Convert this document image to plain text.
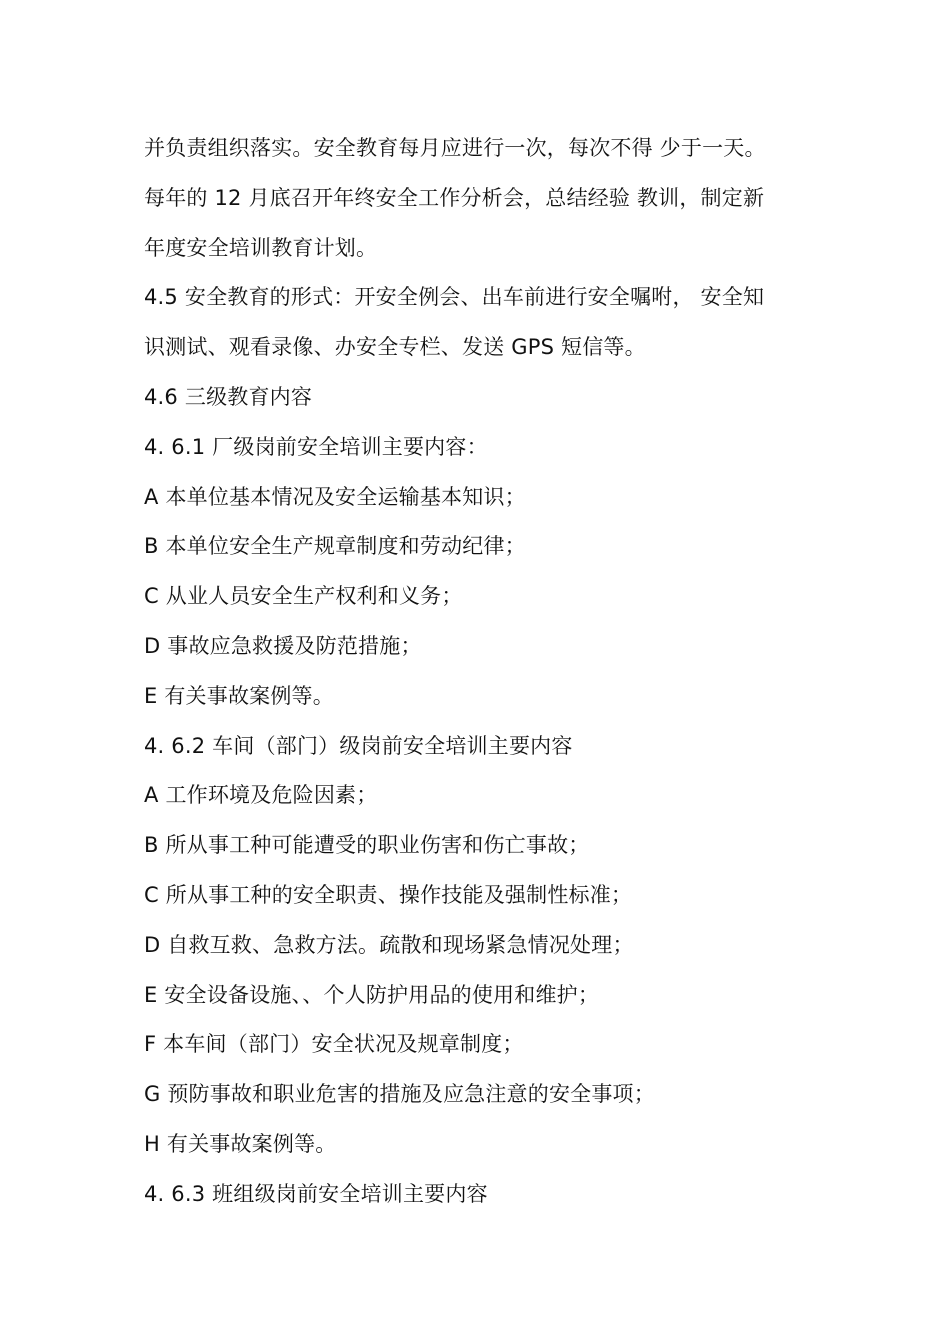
并负责组织落实。安全教育每月应进行一次，每次不得 少于一天。
每年的 12 月底召开年终安全工作分析会，总结经验 教训，制定新
年度安全培训教育计划。
4.5 安全教育的形式：开安全例会、出车前进行安全嘱咐， 安全知
识测试、观看录像、办安全专栏、发送 GPS 短信等。
4.6 三级教育内容
4. 6.1 厂级岗前安全培训主要内容：
A 本单位基本情况及安全运输基本知识；
B 本单位安全生产规章制度和劳动纪律；
C 从业人员安全生产权利和义务；
D 事故应急救援及防范措施；
E 有关事故案例等。
4. 6.2 车间（部门）级岗前安全培训主要内容
A 工作环境及危险因素；
B 所从事工种可能遭受的职业伤害和伤亡事故；
C 所从事工种的安全职责、操作技能及强制性标准；
D 自救互救、急救方法。疏散和现场紧急情况处理；
E 安全设备设施、、个人防护用品的使用和维护；
F 本车间（部门）安全状况及规章制度；
G 预防事故和职业危害的措施及应急注意的安全事项；
H 有关事故案例等。
4. 6.3 班组级岗前安全培训主要内容
